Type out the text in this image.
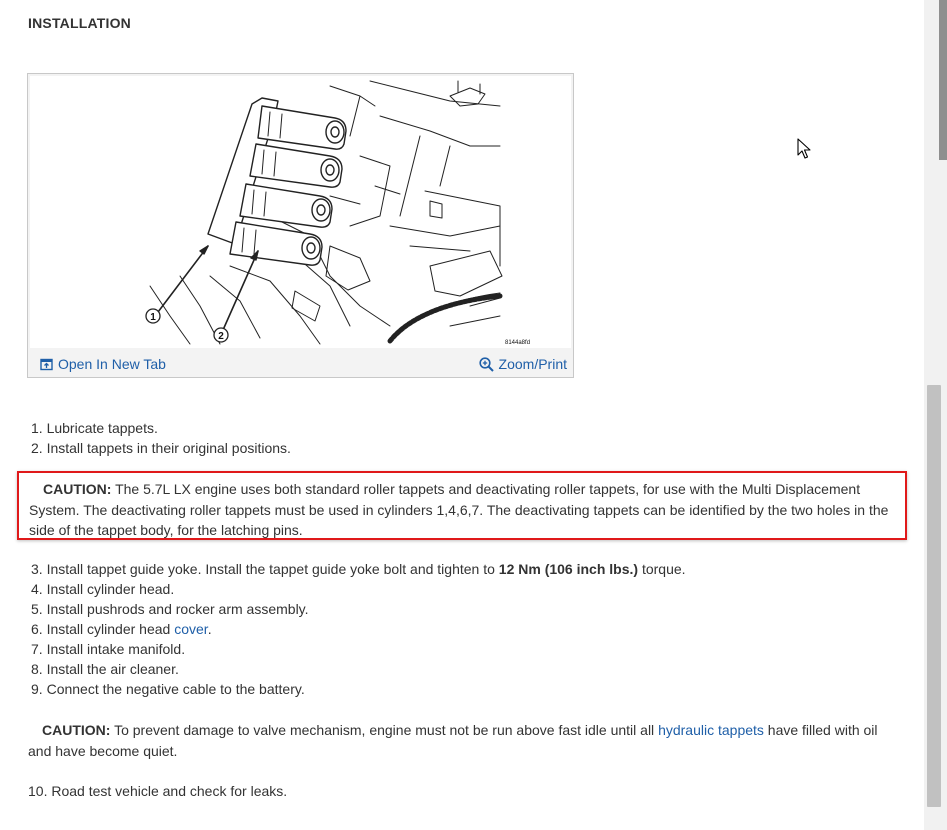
INSTALLATION
1
2
8144a8fd
Open In New Tab	Zoom/Print
1. Lubricate tappets.
2. Install tappets in their original positions.
CAUTION: The 5.7L LX engine uses both standard roller tappets and deactivating roller tappets, for use with the Multi Displacement System. The deactivating roller tappets must be used in cylinders 1,4,6,7. The deactivating tappets can be identified by the two holes in the side of the tappet body, for the latching pins.
3. Install tappet guide yoke. Install the tappet guide yoke bolt and tighten to 12 Nm (106 inch lbs.) torque.
4. Install cylinder head.
5. Install pushrods and rocker arm assembly.
6. Install cylinder head cover.
7. Install intake manifold.
8. Install the air cleaner.
9. Connect the negative cable to the battery.
CAUTION: To prevent damage to valve mechanism, engine must not be run above fast idle until all hydraulic tappets have filled with oil and have become quiet.
10. Road test vehicle and check for leaks.
